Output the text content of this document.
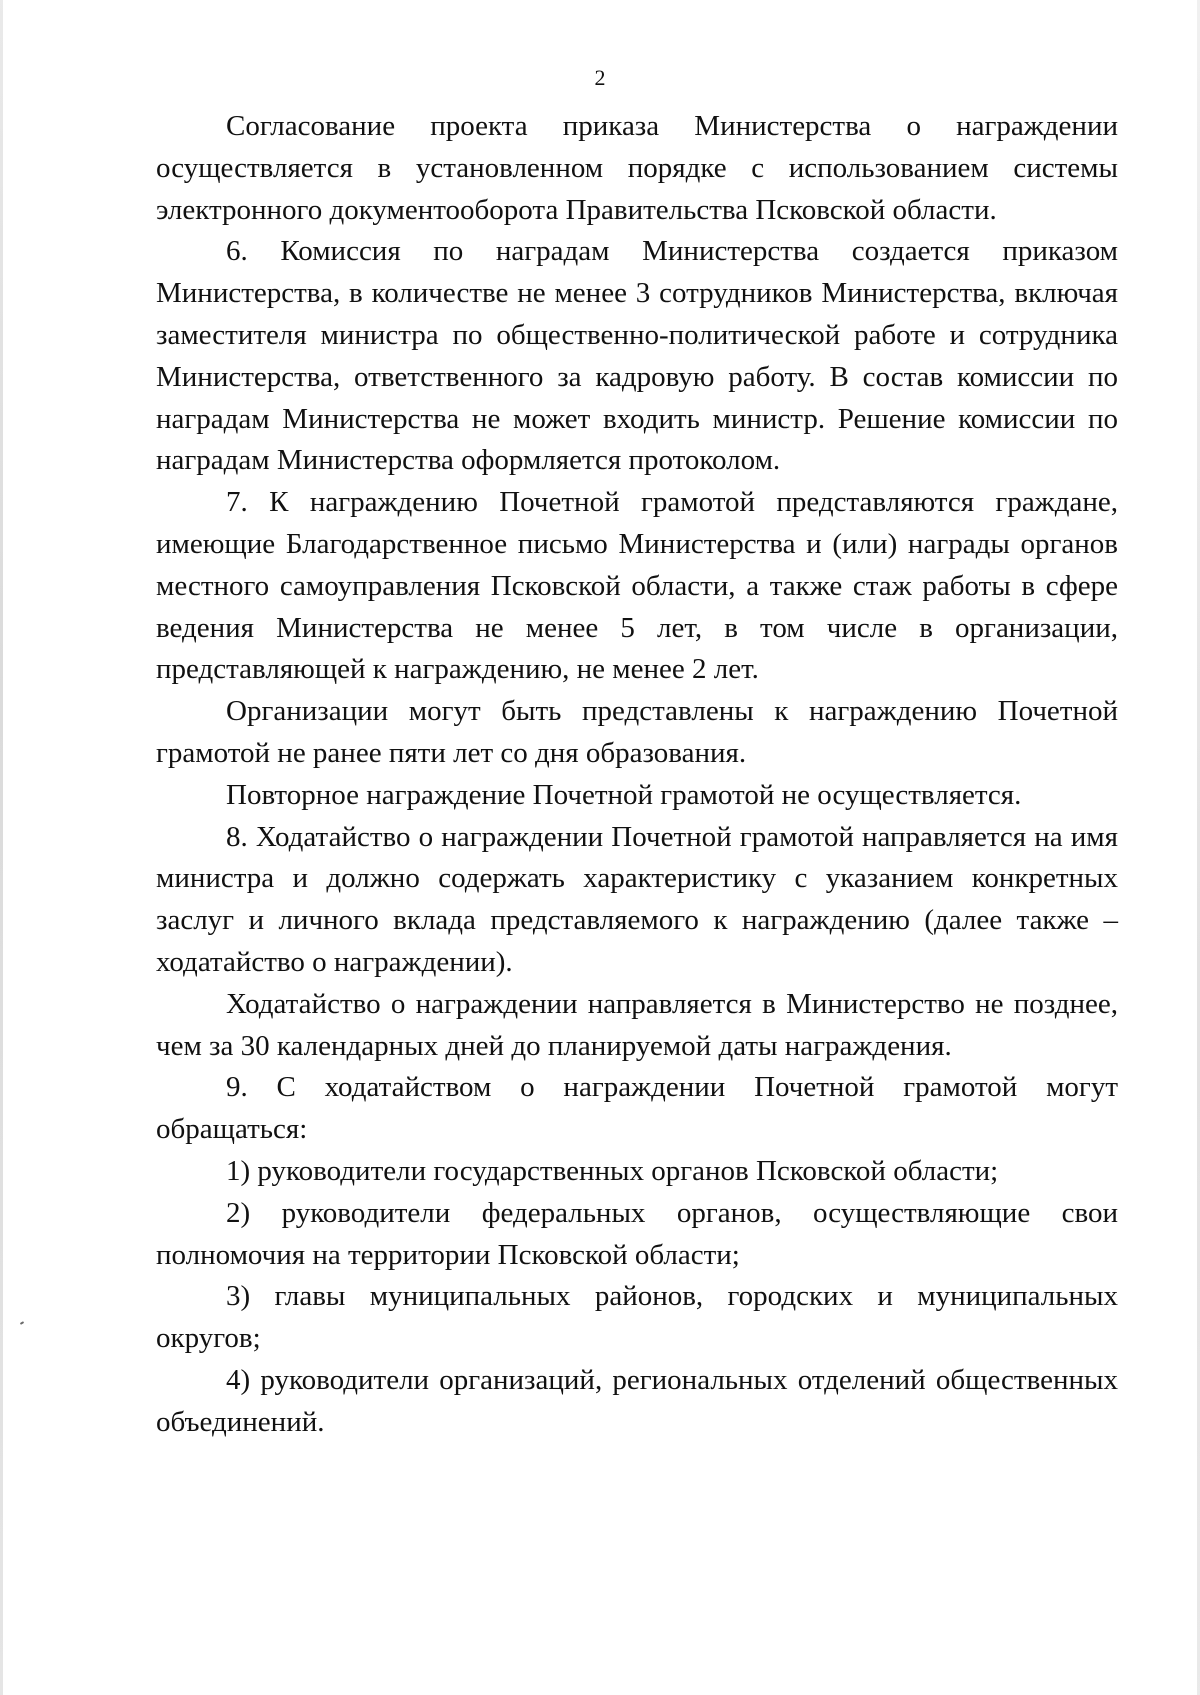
2

Согласование проекта приказа Министерства о награждении осуществляется в установленном порядке с использованием системы электронного документооборота Правительства Псковской области.

6. Комиссия по наградам Министерства создается приказом Министерства, в количестве не менее 3 сотрудников Министерства, включая заместителя министра по общественно-политической работе и сотрудника Министерства, ответственного за кадровую работу. В состав комиссии по наградам Министерства не может входить министр. Решение комиссии по наградам Министерства оформляется протоколом.

7. К награждению Почетной грамотой представляются граждане, имеющие Благодарственное письмо Министерства и (или) награды органов местного самоуправления Псковской области, а также стаж работы в сфере ведения Министерства не менее 5 лет, в том числе в организации, представляющей к награждению, не менее 2 лет.

Организации могут быть представлены к награждению Почетной грамотой не ранее пяти лет со дня образования.

Повторное награждение Почетной грамотой не осуществляется.

8. Ходатайство о награждении Почетной грамотой направляется на имя министра и должно содержать характеристику с указанием конкретных заслуг и личного вклада представляемого к награждению (далее также – ходатайство о награждении).

Ходатайство о награждении направляется в Министерство не позднее, чем за 30 календарных дней до планируемой даты награждения.

9. С ходатайством о награждении Почетной грамотой могут обращаться:

1) руководители государственных органов Псковской области;

2) руководители федеральных органов, осуществляющие свои полномочия на территории Псковской области;

3) главы муниципальных районов, городских и муниципальных округов;

4) руководители организаций, региональных отделений общественных объединений.
